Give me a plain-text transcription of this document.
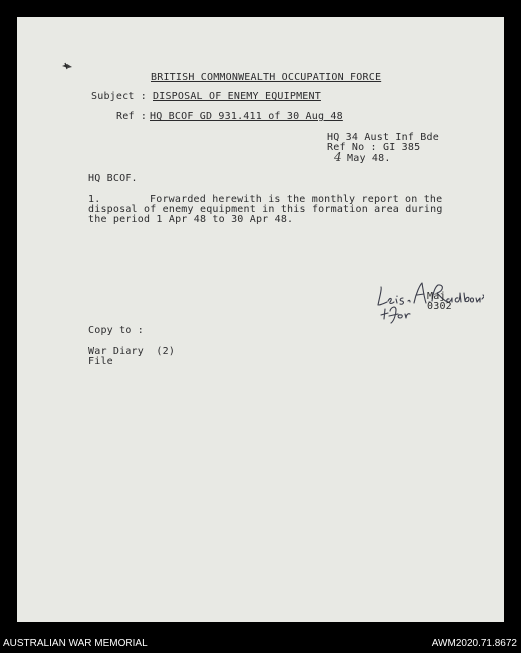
BRITISH COMMONWEALTH OCCUPATION FORCE
Subject : DISPOSAL OF ENEMY EQUIPMENT
Ref : HQ BCOF GD 931.411 of 30 Aug 48
HQ 34 Aust Inf Bde
Ref No : GI 385
4 May 48.
HQ BCOF.
1.	Forwarded herewith is the monthly report on the
disposal of enemy equipment in this formation area during
the period 1 Apr 48 to 30 Apr 48.
Maj
0302
Copy to :
War Diary  (2)
File
AUSTRALIAN WAR MEMORIAL	AWM2020.71.8672
